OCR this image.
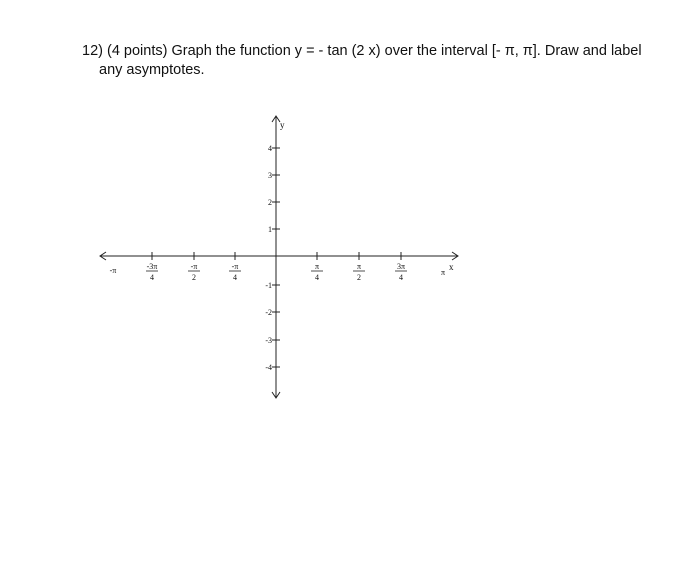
12) (4 points) Graph the function y = - tan (2 x) over the interval [- π, π]. Draw and label
any asymptotes.
x
y
-π	-3π
4
-π
2
-π
4
π
4
π
2
3π
4
π
4
3
2
1
-1
-2
-3
-4
